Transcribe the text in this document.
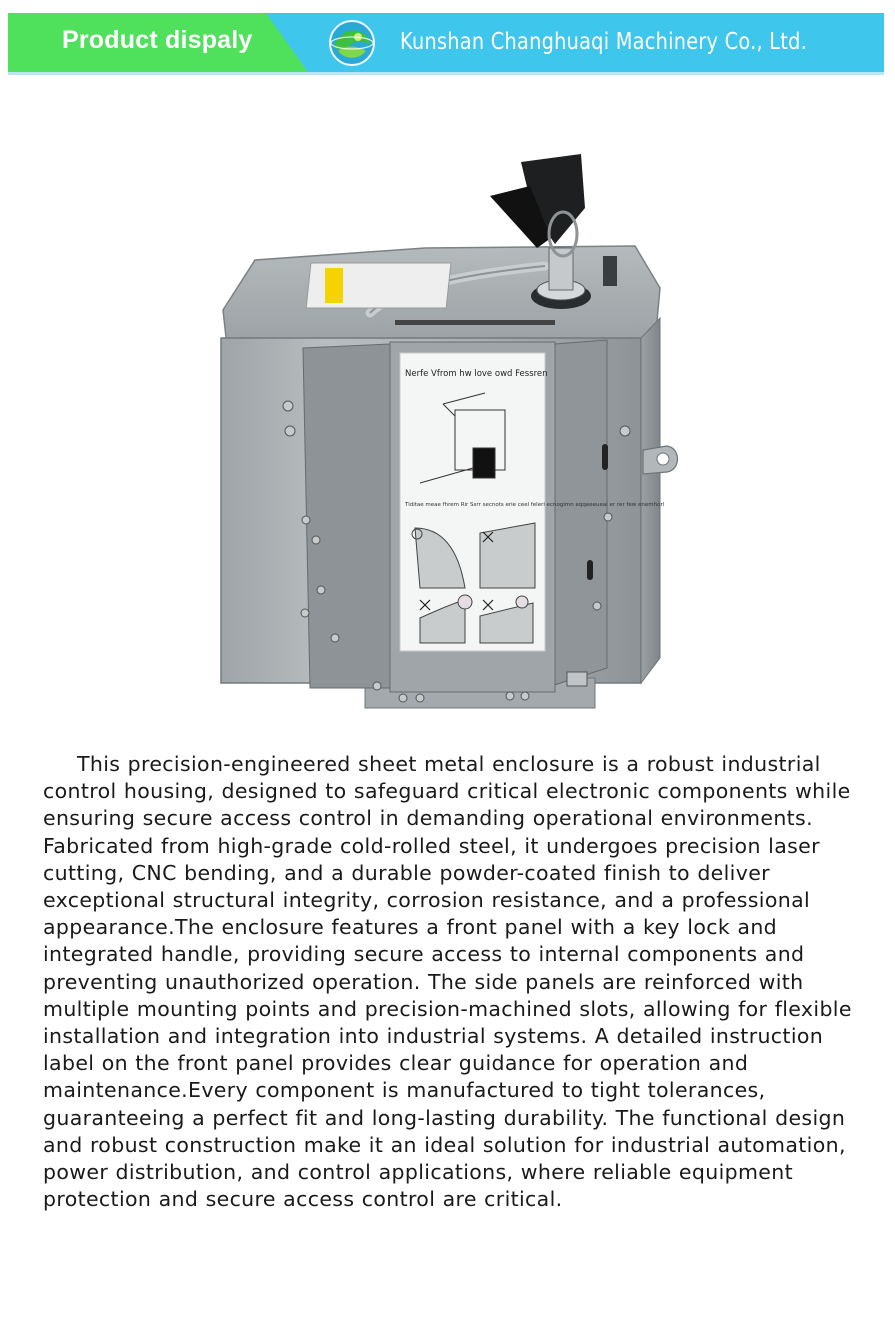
Product dispaly	Kunshan Changhuaqi Machinery Co., Ltd.
Nerfe Vfrom hw love owd Fessren
Tiditae meae fhrem Rir Ssrr secnots erie ceel feleri ecnogimn eqqeeeueal er rer few enemhorl

This precision-engineered sheet metal enclosure is a robust industrial control housing, designed to safeguard critical electronic components while ensuring secure access control in demanding operational environments. Fabricated from high-grade cold-rolled steel, it undergoes precision laser cutting, CNC bending, and a durable powder-coated finish to deliver exceptional structural integrity, corrosion resistance, and a professional appearance.The enclosure features a front panel with a key lock and integrated handle, providing secure access to internal components and preventing unauthorized operation. The side panels are reinforced with multiple mounting points and precision-machined slots, allowing for flexible installation and integration into industrial systems. A detailed instruction label on the front panel provides clear guidance for operation and maintenance.Every component is manufactured to tight tolerances, guaranteeing a perfect fit and long-lasting durability. The functional design and robust construction make it an ideal solution for industrial automation, power distribution, and control applications, where reliable equipment protection and secure access control are critical.
